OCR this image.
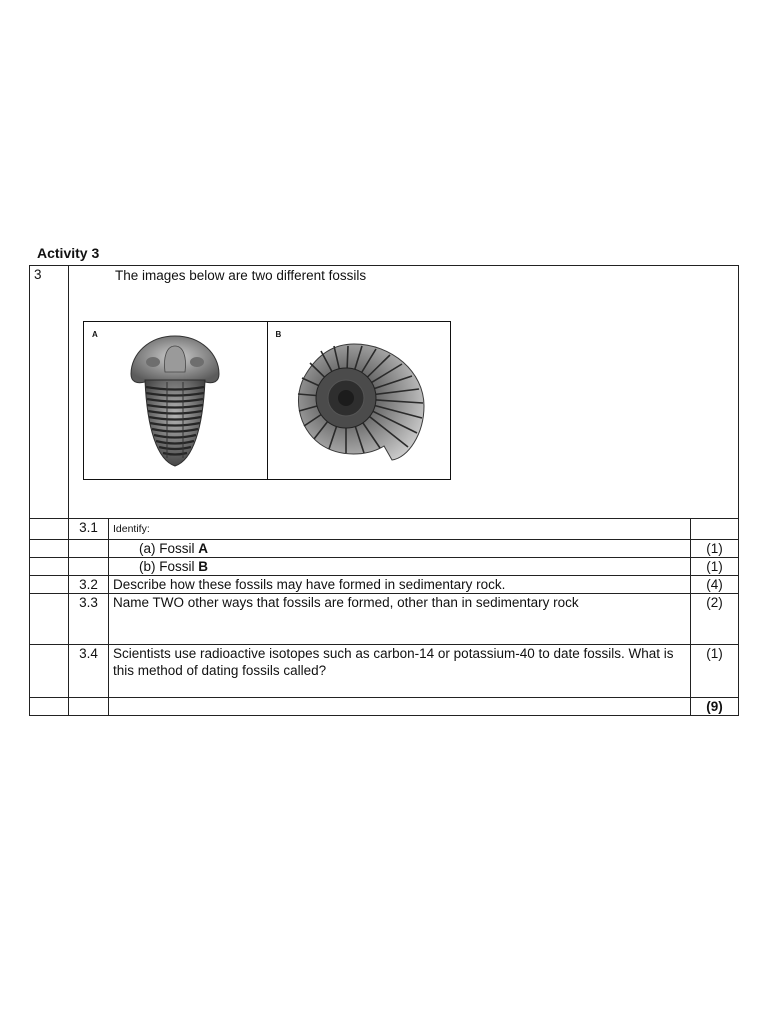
Activity 3
3	The images below are two different fossils
A B		

	3.1	Identify:	
		(a) Fossil A	(1)
		(b) Fossil B	(1)
	3.2	Describe how these fossils may have formed in sedimentary rock.	(4)
	3.3	Name TWO other ways that fossils are formed, other than in sedimentary rock	(2)
	3.4	Scientists use radioactive isotopes such as carbon-14 or potassium-40 to date fossils. What is this method of dating fossils called?	(1)
			(9)
